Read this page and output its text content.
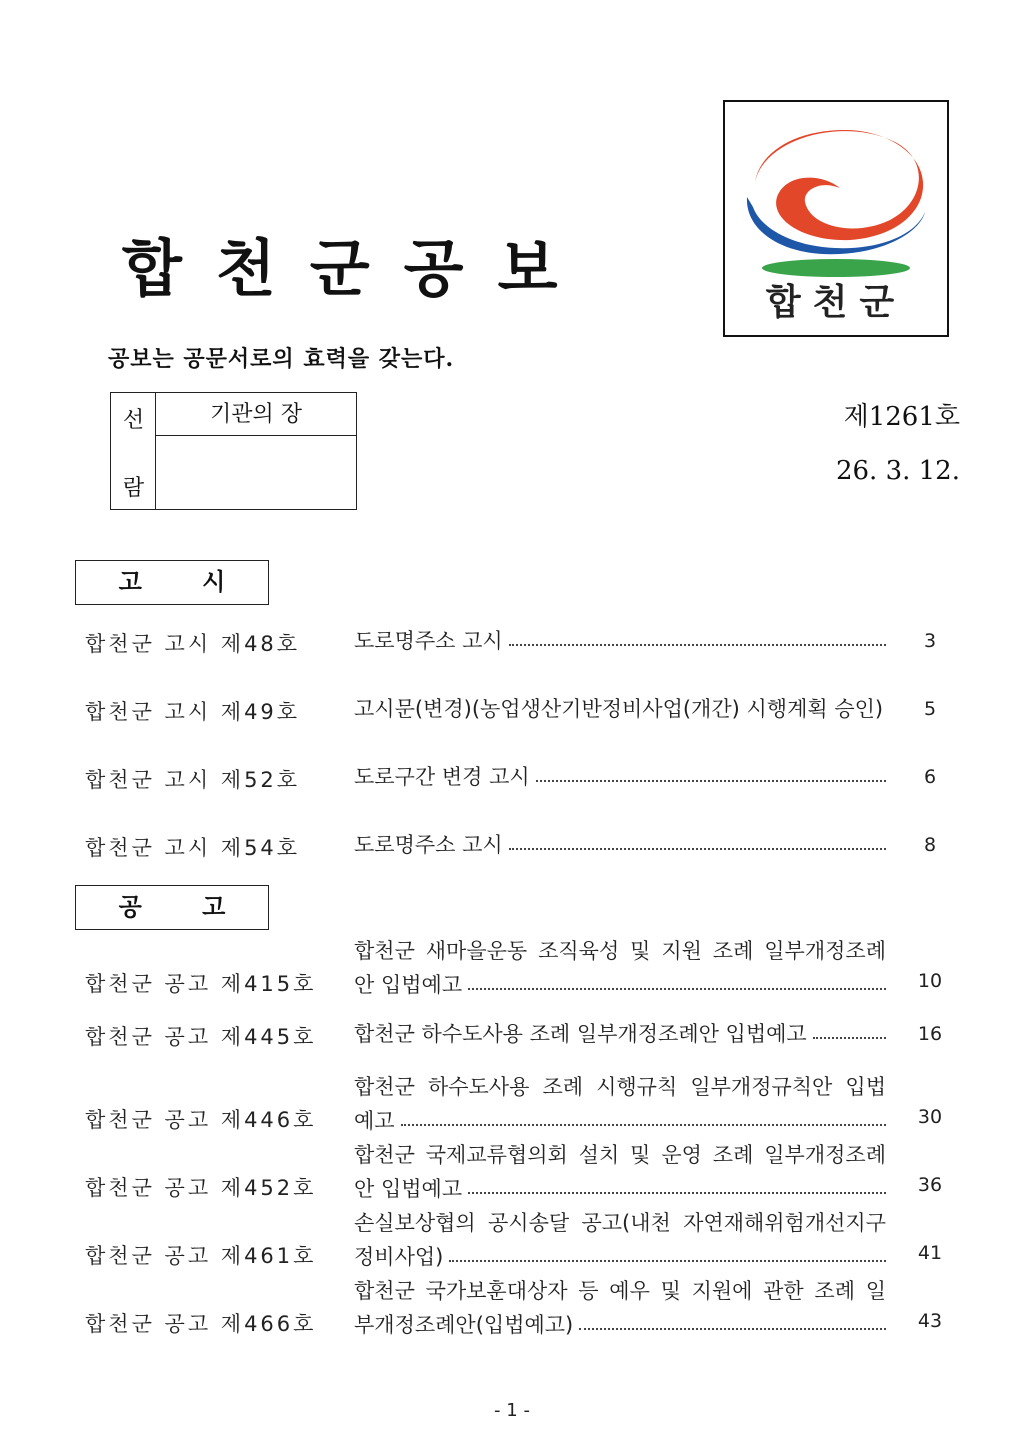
합천군공보
공보는 공문서로의 효력을 갖는다.
합천군
선
람
기관의 장	제1261호
26. 3. 12.
고 시
합천군 고시 제48호	도로명주소 고시	3
합천군 고시 제49호	고시문(변경)(농업생산기반정비사업(개간) 시행계획 승인)	5
합천군 고시 제52호	도로구간 변경 고시	6
합천군 고시 제54호	도로명주소 고시	8
공 고
합천군 공고 제415호
합천군 새마을운동 조직육성 및 지원 조례 일부개정조례
안 입법예고	10
합천군 공고 제445호 합천군 하수도사용 조례 일부개정조례안 입법예고	16
합천군 공고 제446호
합천군 하수도사용 조례 시행규칙 일부개정규칙안 입법
예고	30
합천군 공고 제452호
합천군 국제교류협의회 설치 및 운영 조례 일부개정조례
안 입법예고	36
합천군 공고 제461호
손실보상협의 공시송달 공고(내천 자연재해위험개선지구
정비사업)	41
합천군 공고 제466호
합천군 국가보훈대상자 등 예우 및 지원에 관한 조례 일
부개정조례안(입법예고)	43
- 1 -
